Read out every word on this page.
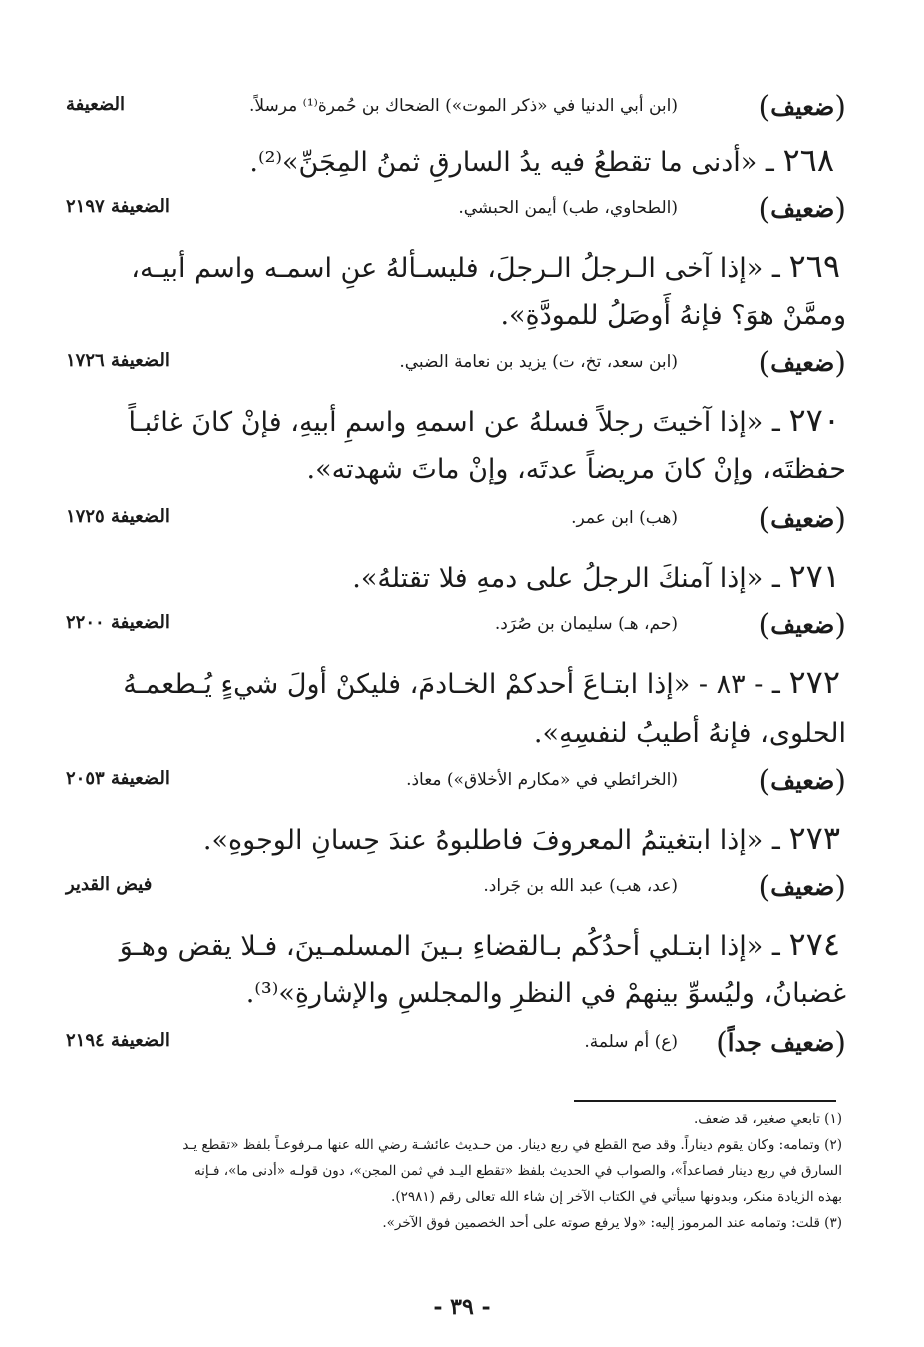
(ضعيف)
(ابن أبي الدنيا في «ذكر الموت») الضحاك بن حُمرة⁽¹⁾ مرسلاً.
الضعيفة
٢٦٨ ـ «أدنى ما تقطعُ فيه يدُ السارقِ ثمنُ المِجَنِّ»⁽²⁾.
(ضعيف)
(الطحاوي، طب) أيمن الحبشي.
الضعيفة ٢١٩٧
٢٦٩ ـ «إذا آخى الـرجلُ الـرجلَ، فليسـألهُ عنِ اسمـه واسم أبيـه،
وممَّنْ هوَ؟ فإنهُ أَوصَلُ للمودَّةِ».
(ضعيف)
(ابن سعد، تخ، ت) يزيد بن نعامة الضبي.
الضعيفة ١٧٢٦
٢٧٠ ـ «إذا آخيتَ رجلاً فسلهُ عن اسمهِ واسمِ أبيهِ، فإنْ كانَ غائبـاً
حفظتَه، وإنْ كانَ مريضاً عدتَه، وإنْ ماتَ شهدته».
(ضعيف)
(هب) ابن عمر.
الضعيفة ١٧٢٥
٢٧١ ـ «إذا آمنكَ الرجلُ على دمهِ فلا تقتلهُ».
(ضعيف)
(حم، هـ) سليمان بن صُرَد.
الضعيفة ٢٢٠٠
٢٧٢ ـ - ٨٣ - «إذا ابتـاعَ أحدكمْ الخـادمَ، فليكنْ أولَ شيءٍ يُـطعمـهُ
الحلوى، فإنهُ أطيبُ لنفسِهِ».
(ضعيف)
(الخرائطي في «مكارم الأخلاق») معاذ.
الضعيفة ٢٠٥٣
٢٧٣ ـ «إذا ابتغيتمُ المعروفَ فاطلبوهُ عندَ حِسانِ الوجوهِ».
(ضعيف)
(عد، هب) عبد الله بن جَراد.
فيض القدير
٢٧٤ ـ «إذا ابتـلي أحدُكُم بـالقضاءِ بـينَ المسلمـينَ، فـلا يقض وهـوَ
غضبانُ، وليُسوِّ بينهمْ في النظرِ والمجلسِ والإشارةِ»⁽³⁾.
(ضعيف جداً)
(ع) أم سلمة.
الضعيفة ٢١٩٤
(١) تابعي صغير، قد ضعف.
(٢) وتمامه: وكان يقوم ديناراً. وقد صح القطع في ربع دينار. من حـديث عائشـة رضي الله عنها مـرفوعـاً بلفظ «تقطع يـد
السارق في ربع دينار فصاعداً»، والصواب في الحديث بلفظ «تقطع اليـد في ثمن المجن»، دون قولـه «أدنى ما»، فـإنه
بهذه الزيادة منكر، وبدونها سيأتي في الكتاب الآخر إن شاء الله تعالى رقم (٢٩٨١).
(٣) قلت: وتمامه عند المرموز إليه: «ولا يرفع صوته على أحد الخصمين فوق الآخر».
- ٣٩ -
